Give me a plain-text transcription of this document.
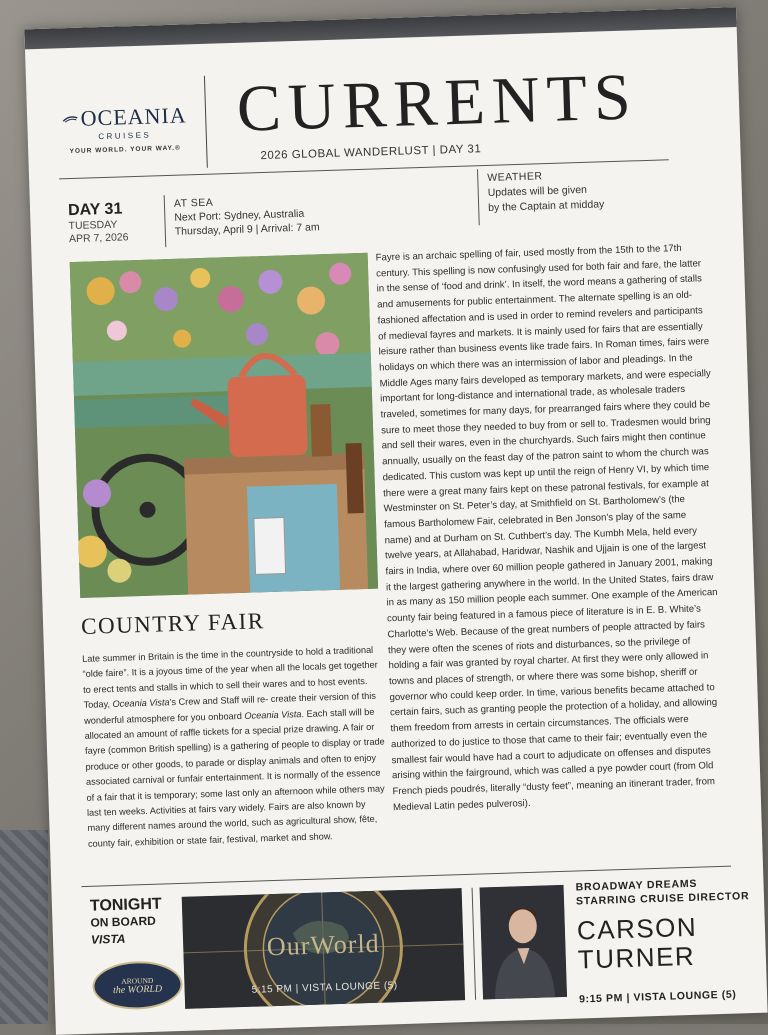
OCEANIA
CRUISES
YOUR WORLD. YOUR WAY.®
CURRENTS
2026 GLOBAL WANDERLUST | DAY 31
DAY 31
TUESDAY
APR 7, 2026
AT SEA
Next Port: Sydney, Australia
Thursday, April 9 | Arrival: 7 am
WEATHER
Updates will be given
by the Captain at midday

Fayre is an archaic spelling of fair, used mostly from the 15th to the 17th century. This spelling is now confusingly used for both fair and fare, the latter in the sense of ‘food and drink’. In itself, the word means a gathering of stalls and amusements for public entertainment. The alternate spelling is an old-fashioned affectation and is used in order to remind revelers and participants of medieval fayres and markets. It is mainly used for fairs that are essentially leisure rather than business events like trade fairs. In Roman times, fairs were holidays on which there was an intermission of labor and pleadings. In the Middle Ages many fairs developed as temporary markets, and were especially important for long-distance and international trade, as wholesale traders traveled, sometimes for many days, for prearranged fairs where they could be sure to meet those they needed to buy from or sell to. Tradesmen would bring and sell their wares, even in the churchyards. Such fairs might then continue annually, usually on the feast day of the patron saint to whom the church was dedicated. This custom was kept up until the reign of Henry VI, by which time there were a great many fairs kept on these patronal festivals, for example at Westminster on St. Peter’s day, at Smithfield on St. Bartholomew’s (the famous Bartholomew Fair, celebrated in Ben Jonson’s play of the same name) and at Durham on St. Cuthbert’s day. The Kumbh Mela, held every twelve years, at Allahabad, Haridwar, Nashik and Ujjain is one of the largest fairs in India, where over 60 million people gathered in January 2001, making it the largest gathering anywhere in the world. In the United States, fairs draw in as many as 150 million people each summer. One example of the American county fair being featured in a famous piece of literature is in E. B. White’s Charlotte’s Web. Because of the great numbers of people attracted by fairs they were often the scenes of riots and disturbances, so the privilege of holding a fair was granted by royal charter. At first they were only allowed in towns and places of strength, or where there was some bishop, sheriff or governor who could keep order. In time, various benefits became attached to certain fairs, such as granting people the protection of a holiday, and allowing them freedom from arrests in certain circumstances. The officials were authorized to do justice to those that came to their fair; eventually even the smallest fair would have had a court to adjudicate on offenses and disputes arising within the fairground, which was called a pye powder court (from Old French pieds poudrés, literally “dusty feet”, meaning an itinerant trader, from Medieval Latin pedes pulverosi).

COUNTRY FAIR

Late summer in Britain is the time in the countryside to hold a traditional “olde faire”. It is a joyous time of the year when all the locals get together to erect tents and stalls in which to sell their wares and to host events. Today, Oceania Vista’s Crew and Staff will re- create their version of this wonderful atmosphere for you onboard Oceania Vista. Each stall will be allocated an amount of raffle tickets for a special prize drawing. A fair or fayre (common British spelling) is a gathering of people to display or trade produce or other goods, to parade or display animals and often to enjoy associated carnival or funfair entertainment. It is normally of the essence of a fair that it is temporary; some last only an afternoon while others may last ten weeks. Activities at fairs vary widely. Fairs are also known by many different names around the world, such as agricultural show, fête, county fair, exhibition or state fair, festival, market and show.

TONIGHT
ON BOARD
VISTA
AROUND
the WORLD
OurWorld
5:15 PM | VISTA LOUNGE (5)
BROADWAY DREAMS
STARRING CRUISE DIRECTOR
CARSON
TURNER
9:15 PM | VISTA LOUNGE (5)
